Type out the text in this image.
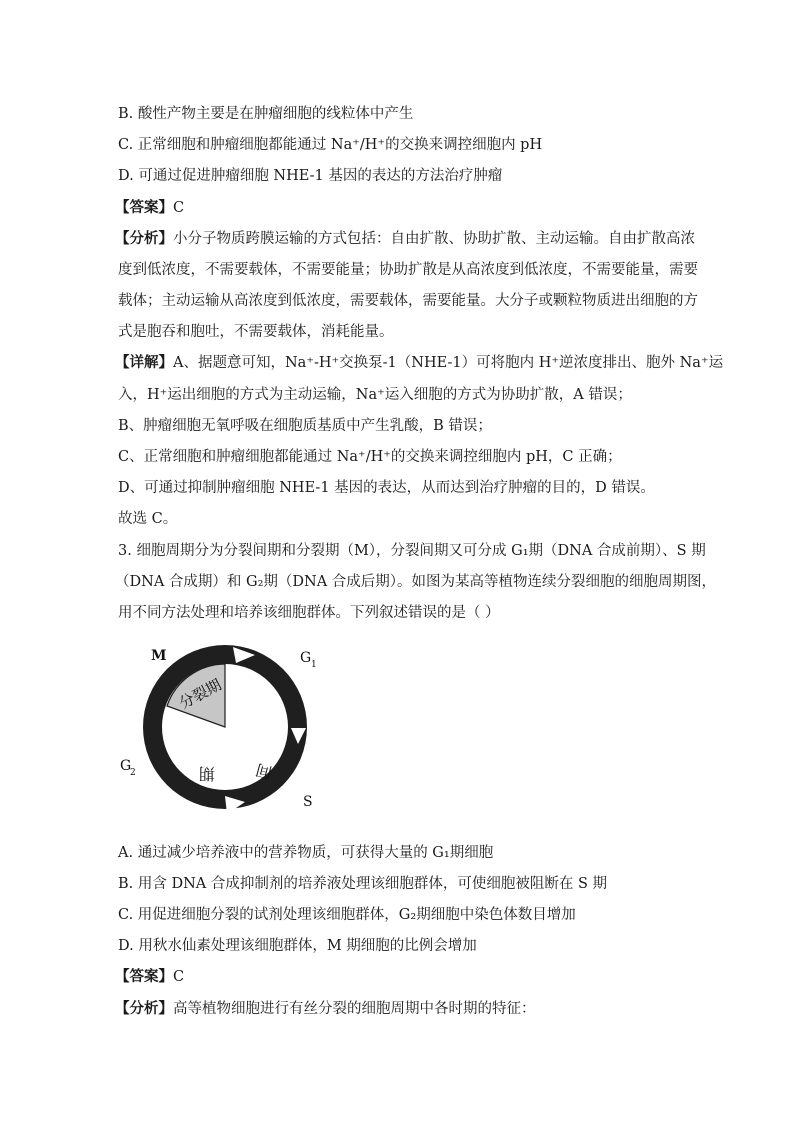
B. 酸性产物主要是在肿瘤细胞的线粒体中产生
C. 正常细胞和肿瘤细胞都能通过 Na⁺/H⁺的交换来调控细胞内 pH
D. 可通过促进肿瘤细胞 NHE-1 基因的表达的方法治疗肿瘤
【答案】C
【分析】小分子物质跨膜运输的方式包括：自由扩散、协助扩散、主动运输。自由扩散高浓
度到低浓度，不需要载体，不需要能量；协助扩散是从高浓度到低浓度，不需要能量，需要
载体；主动运输从高浓度到低浓度，需要载体，需要能量。大分子或颗粒物质进出细胞的方
式是胞吞和胞吐，不需要载体，消耗能量。
【详解】A、据题意可知，Na⁺-H⁺交换泵-1（NHE-1）可将胞内 H⁺逆浓度排出、胞外 Na⁺运
入，H⁺运出细胞的方式为主动运输，Na⁺运入细胞的方式为协助扩散，A 错误；
B、肿瘤细胞无氧呼吸在细胞质基质中产生乳酸，B 错误；
C、正常细胞和肿瘤细胞都能通过 Na⁺/H⁺的交换来调控细胞内 pH，C 正确；
D、可通过抑制肿瘤细胞 NHE-1 基因的表达，从而达到治疗肿瘤的目的，D 错误。
故选 C。
3. 细胞周期分为分裂间期和分裂期（M），分裂间期又可分成 G₁期（DNA 合成前期）、S 期
（DNA 合成期）和 G₂期（DNA 合成后期）。如图为某高等植物连续分裂细胞的细胞周期图，
用不同方法处理和培养该细胞群体。下列叙述错误的是（ ）
M	G 1
G
2
S
分裂期
期 间
A. 通过减少培养液中的营养物质，可获得大量的 G₁期细胞
B. 用含 DNA 合成抑制剂的培养液处理该细胞群体，可使细胞被阻断在 S 期
C. 用促进细胞分裂的试剂处理该细胞群体，G₂期细胞中染色体数目增加
D. 用秋水仙素处理该细胞群体，M 期细胞的比例会增加
【答案】C
【分析】高等植物细胞进行有丝分裂的细胞周期中各时期的特征：
